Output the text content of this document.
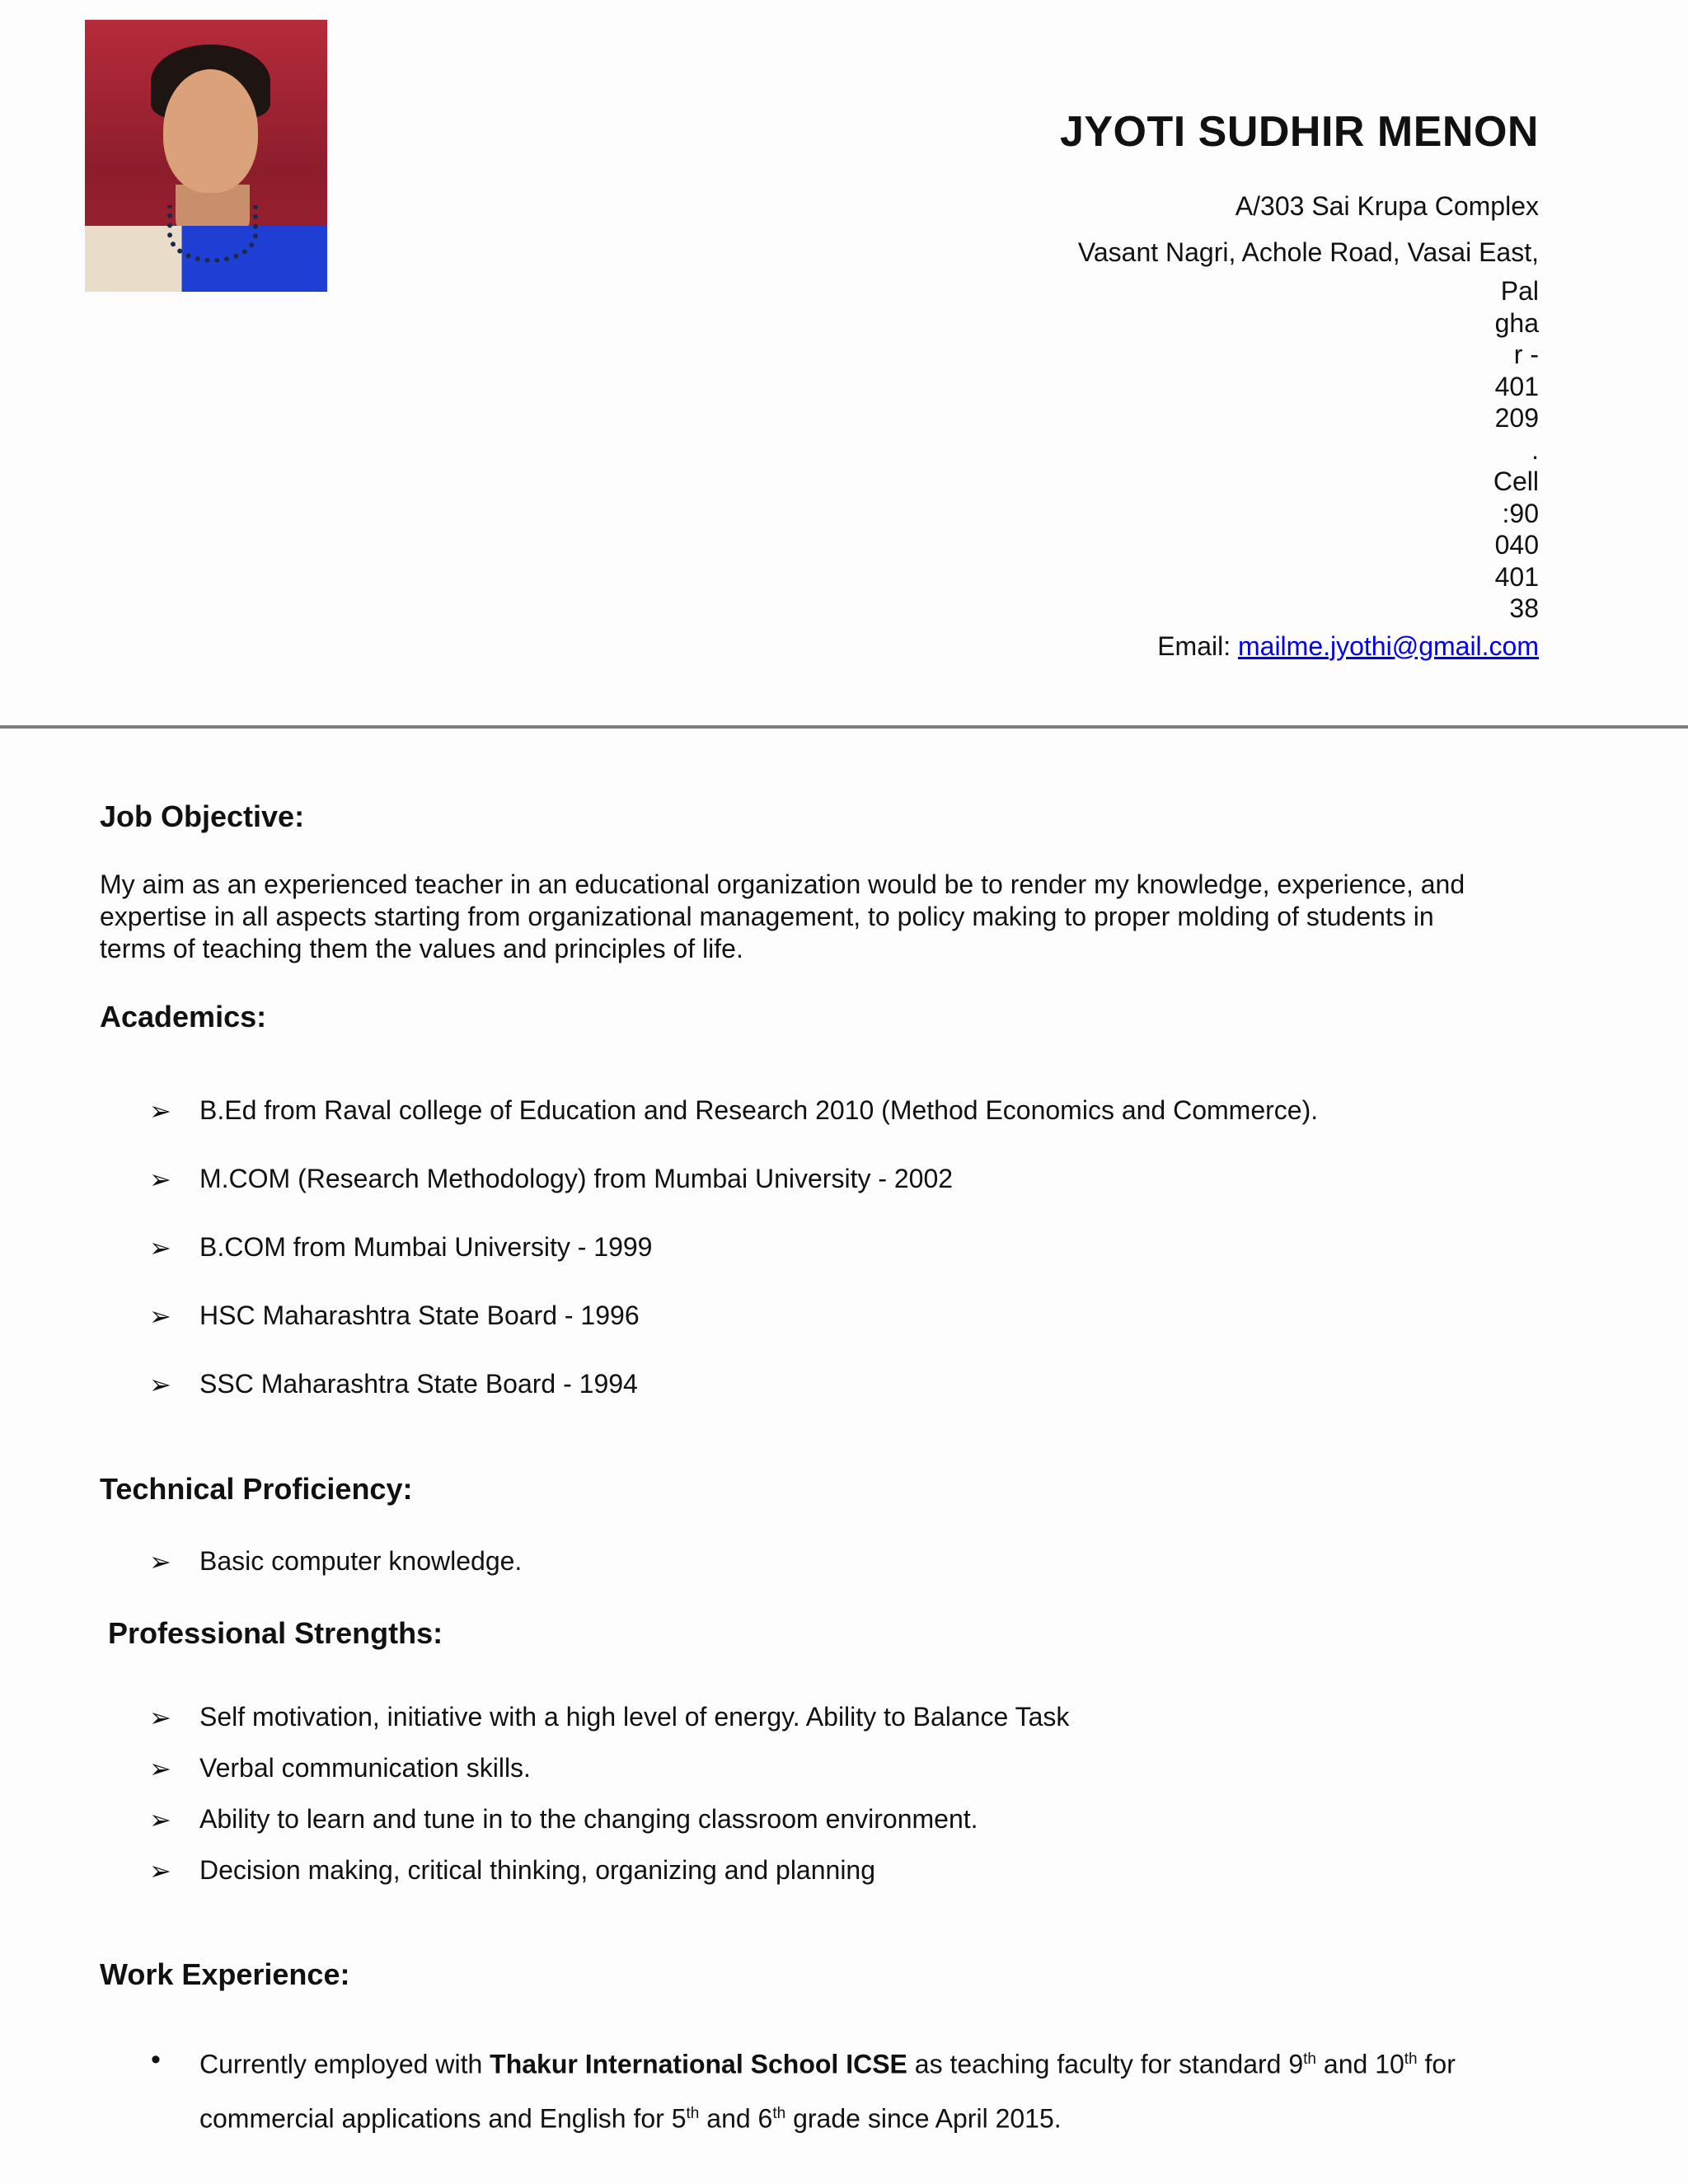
JYOTI SUDHIR MENON
A/303 Sai Krupa Complex
Vasant Nagri, Achole Road, Vasai East,
Pal
gha
r -
401
209
.
Cell
:90
040
401
38
Email: mailme.jyothi@gmail.com
Job Objective:
My aim as an experienced teacher in an educational organization would be to render my knowledge, experience, and
expertise in all aspects starting from organizational management, to policy making to proper molding of students in
terms of teaching them the values and principles of life.
Academics:
➢ B.Ed from Raval college of Education and Research 2010 (Method Economics and Commerce).
➢ M.COM (Research Methodology) from Mumbai University - 2002
➢ B.COM from Mumbai University - 1999
➢ HSC Maharashtra State Board - 1996
➢ SSC Maharashtra State Board - 1994
Technical Proficiency:
➢ Basic computer knowledge.
Professional Strengths:
➢ Self motivation, initiative with a high level of energy. Ability to Balance Task
➢ Verbal communication skills.
➢ Ability to learn and tune in to the changing classroom environment.
➢ Decision making, critical thinking, organizing and planning
Work Experience:
• Currently employed with Thakur International School ICSE as teaching faculty for standard 9th and 10th for
commercial applications and English for 5th and 6th grade since April 2015.
